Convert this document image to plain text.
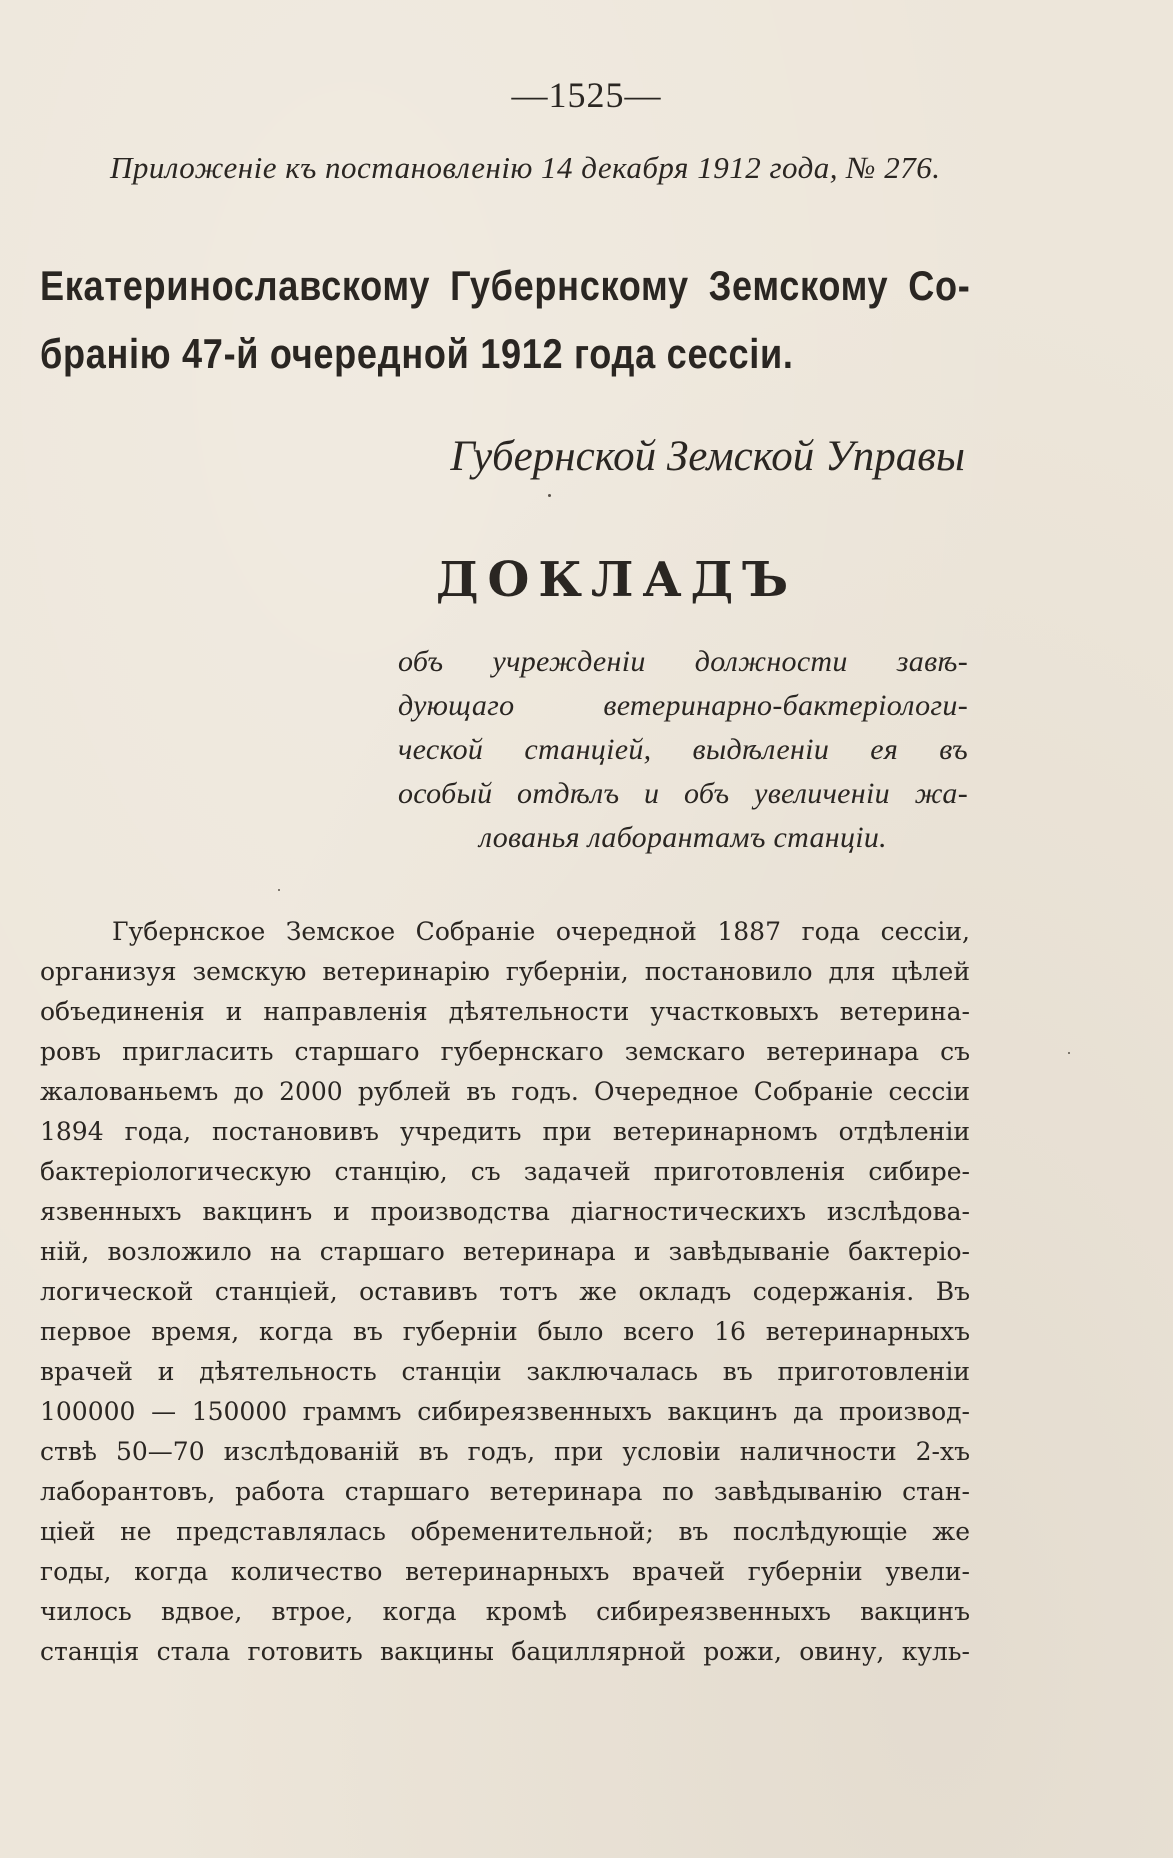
—1525—
Приложеніе къ постановленію 14 декабря 1912 года, № 276.
Екатеринославскому Губернскому Земскому Со-
бранію 47-й очередной 1912 года сессіи.
Губернской Земской Управы
ДОКЛАДЪ
объ учрежденіи должности завѣ-
дующаго ветеринарно-бактеріологи-
ческой станціей, выдѣленіи ея въ
особый отдѣлъ и объ увеличеніи жа-
лованья лаборантамъ станціи.
Губернское Земское Собраніе очередной 1887 года сессіи,
организуя земскую ветеринарію губерніи, постановило для цѣлей
объединенія и направленія дѣятельности участковыхъ ветерина-
ровъ пригласить старшаго губернскаго земскаго ветеринара съ
жалованьемъ до 2000 рублей въ годъ. Очередное Собраніе сессіи
1894 года, постановивъ учредить при ветеринарномъ отдѣленіи
бактеріологическую станцію, съ задачей приготовленія сибире-
язвенныхъ вакцинъ и производства діагностическихъ изслѣдова-
ній, возложило на старшаго ветеринара и завѣдываніе бактеріо-
логической станціей, оставивъ тотъ же окладъ содержанія. Въ
первое время, когда въ губерніи было всего 16 ветеринарныхъ
врачей и дѣятельность станціи заключалась въ приготовленіи
100000 — 150000 граммъ сибиреязвенныхъ вакцинъ да производ-
ствѣ 50—70 изслѣдованій въ годъ, при условіи наличности 2-хъ
лаборантовъ, работа старшаго ветеринара по завѣдыванію стан-
ціей не представлялась обременительной; въ послѣдующіе же
годы, когда количество ветеринарныхъ врачей губерніи увели-
чилось вдвое, втрое, когда кромѣ сибиреязвенныхъ вакцинъ
станція стала готовить вакцины бациллярной рожи, овину, куль-
